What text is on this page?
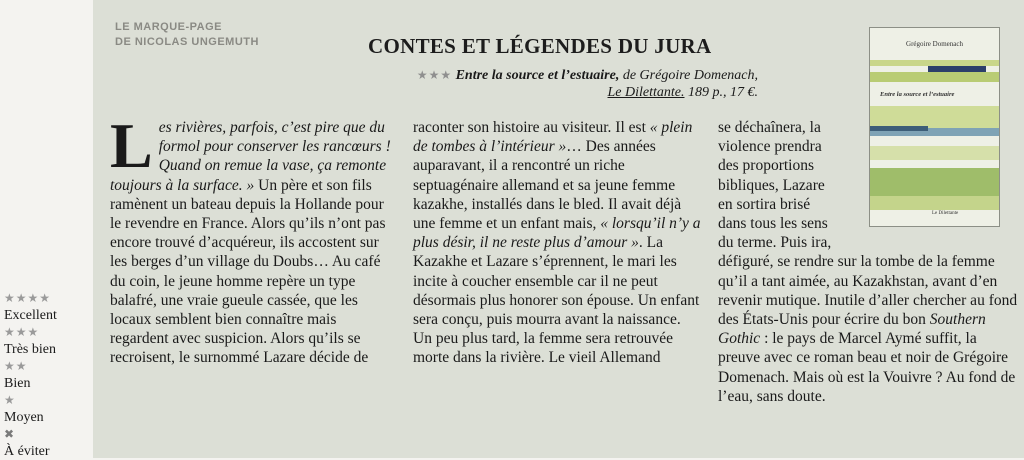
★★★★
Excellent
★★★
Très bien
★★
Bien
★
Moyen
✖
À éviter
LE MARQUE-PAGE
DE NICOLAS UNGEMUTH	CONTES ET LÉGENDES DU JURA
★★★ Entre la source et l’estuaire, de Grégoire Domenach,
Le Dilettante. 189 p., 17 €.
Grégoire Domenach
Entre la source et l’estuaire
Le Dilettante

Les rivières, parfois, c’est pire que du formol pour conserver les rancœurs ! Quand on remue la vase, ça remonte toujours à la surface. » Un père et son fils ramènent un bateau depuis la Hollande pour le revendre en France. Alors qu’ils n’ont pas encore trouvé d’acquéreur, ils accostent sur les berges d’un village du Doubs… Au café du coin, le jeune homme repère un type balafré, une vraie gueule cassée, que les locaux semblent bien connaître mais regardent avec suspicion. Alors qu’ils se recroisent, le surnommé Lazare décide de

raconter son histoire au visiteur. Il est « plein de tombes à l’intérieur »… Des années auparavant, il a rencontré un riche septuagénaire allemand et sa jeune femme kazakhe, installés dans le bled. Il avait déjà une femme et un enfant mais, « lorsqu’il n’y a plus désir, il ne reste plus d’amour ». La Kazakhe et Lazare s’éprennent, le mari les incite à coucher ensemble car il ne peut désormais plus honorer son épouse. Un enfant sera conçu, puis mourra avant la naissance. Un peu plus tard, la femme sera retrouvée morte dans la rivière. Le vieil Allemand

se déchaînera, la violence prendra des proportions bibliques, Lazare en sortira brisé dans tous les sens du terme. Puis ira, défiguré, se rendre sur la tombe de la femme qu’il a tant aimée, au Kazakhstan, avant d’en revenir mutique. Inutile d’aller chercher au fond des États-Unis pour écrire du bon Southern Gothic : le pays de Marcel Aymé suffit, la preuve avec ce roman beau et noir de Grégoire Domenach. Mais où est la Vouivre ? Au fond de l’eau, sans doute.
